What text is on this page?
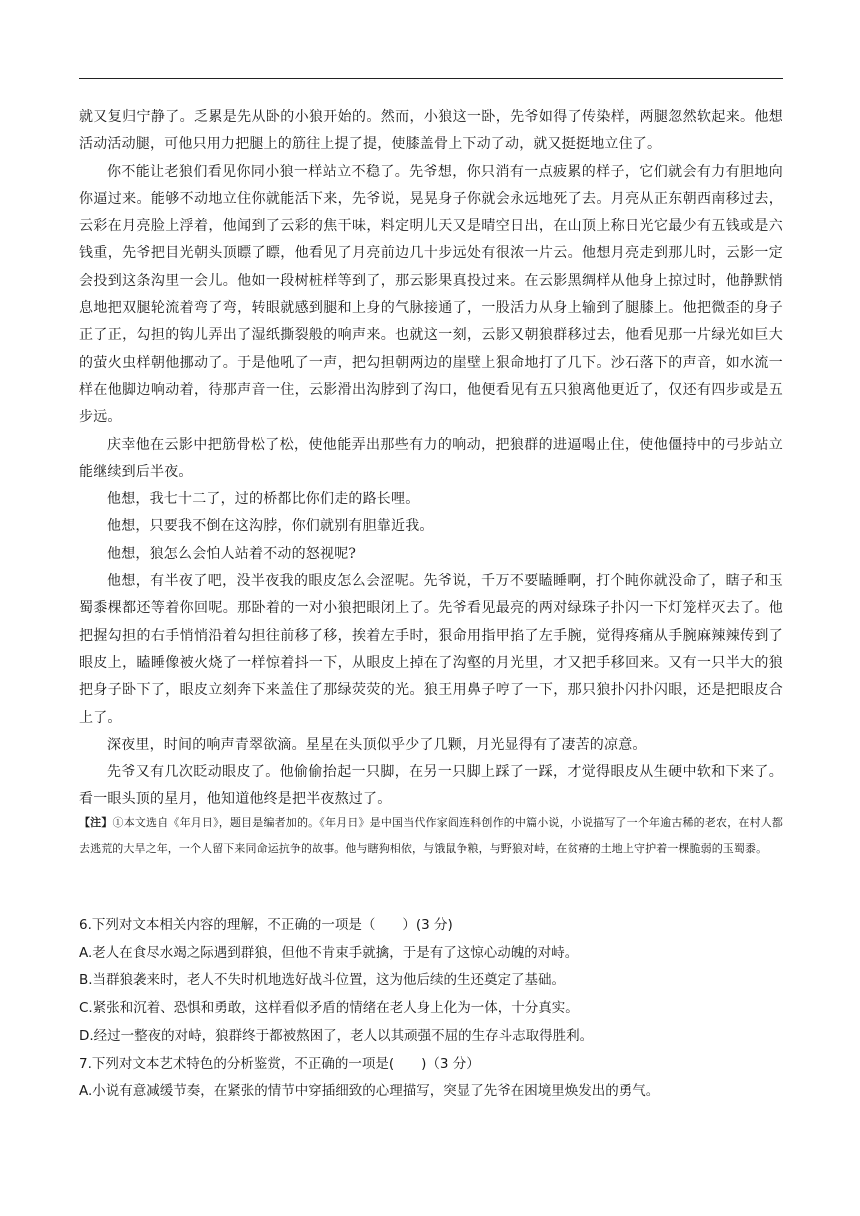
就又复归宁静了。乏累是先从卧的小狼开始的。然而，小狼这一卧，先爷如得了传染样，两腿忽然软起来。他想活动活动腿，可他只用力把腿上的筋往上提了提，使膝盖骨上下动了动，就又挺挺地立住了。

你不能让老狼们看见你同小狼一样站立不稳了。先爷想，你只消有一点疲累的样子，它们就会有力有胆地向你逼过来。能够不动地立住你就能活下来，先爷说，晃晃身子你就会永远地死了去。月亮从正东朝西南移过去，云彩在月亮脸上浮着，他闻到了云彩的焦干味，料定明儿天又是晴空日出，在山顶上称日光它最少有五钱或是六钱重，先爷把目光朝头顶瞟了瞟，他看见了月亮前边几十步远处有很浓一片云。他想月亮走到那儿时，云影一定会投到这条沟里一会儿。他如一段树桩样等到了，那云影果真投过来。在云影黑绸样从他身上掠过时，他静默悄息地把双腿轮流着弯了弯，转眼就感到腿和上身的气脉接通了，一股活力从身上输到了腿膝上。他把微歪的身子正了正，勾担的钩儿弄出了湿纸撕裂般的响声来。也就这一刻，云影又朝狼群移过去，他看见那一片绿光如巨大的萤火虫样朝他挪动了。于是他吼了一声，把勾担朝两边的崖壁上狠命地打了几下。沙石落下的声音，如水流一样在他脚边响动着，待那声音一住，云影滑出沟脖到了沟口，他便看见有五只狼离他更近了，仅还有四步或是五步远。

庆幸他在云影中把筋骨松了松，使他能弄出那些有力的响动，把狼群的进逼喝止住，使他僵持中的弓步站立能继续到后半夜。

他想，我七十二了，过的桥都比你们走的路长哩。

他想，只要我不倒在这沟脖，你们就别有胆靠近我。

他想，狼怎么会怕人站着不动的怒视呢?

他想，有半夜了吧，没半夜我的眼皮怎么会涩呢。先爷说，千万不要瞌睡啊，打个盹你就没命了，瞎子和玉蜀黍棵都还等着你回呢。那卧着的一对小狼把眼闭上了。先爷看见最亮的两对绿珠子扑闪一下灯笼样灭去了。他把握勾担的右手悄悄沿着勾担往前移了移，挨着左手时，狠命用指甲掐了左手腕，觉得疼痛从手腕麻辣辣传到了眼皮上，瞌睡像被火烧了一样惊着抖一下，从眼皮上掉在了沟壑的月光里，才又把手移回来。又有一只半大的狼把身子卧下了，眼皮立刻奔下来盖住了那绿荧荧的光。狼王用鼻子哼了一下，那只狼扑闪扑闪眼，还是把眼皮合上了。

深夜里，时间的响声青翠欲滴。星星在头顶似乎少了几颗，月光显得有了凄苦的凉意。

先爷又有几次眨动眼皮了。他偷偷抬起一只脚，在另一只脚上踩了一踩，才觉得眼皮从生硬中软和下来了。看一眼头顶的星月，他知道他终是把半夜熬过了。

【注】①本文选自《年月日》，题目是编者加的。《年月日》是中国当代作家阎连科创作的中篇小说，小说描写了一个年逾古稀的老农，在村人都去逃荒的大旱之年，一个人留下来同命运抗争的故事。他与瞎狗相依，与饿鼠争粮，与野狼对峙，在贫瘠的土地上守护着一棵脆弱的玉蜀黍。

6.下列对文本相关内容的理解，不正确的一项是（　　）(3 分)

A.老人在食尽水竭之际遇到群狼，但他不肯束手就擒，于是有了这惊心动魄的对峙。

B.当群狼袭来时，老人不失时机地选好战斗位置，这为他后续的生还奠定了基础。

C.紧张和沉着、恐惧和勇敢，这样看似矛盾的情绪在老人身上化为一体，十分真实。

D.经过一整夜的对峙，狼群终于都被熬困了，老人以其顽强不屈的生存斗志取得胜利。

7.下列对文本艺术特色的分析鉴赏，不正确的一项是(　　)（3 分）

A.小说有意减缓节奏，在紧张的情节中穿插细致的心理描写，突显了先爷在困境里焕发出的勇气。
